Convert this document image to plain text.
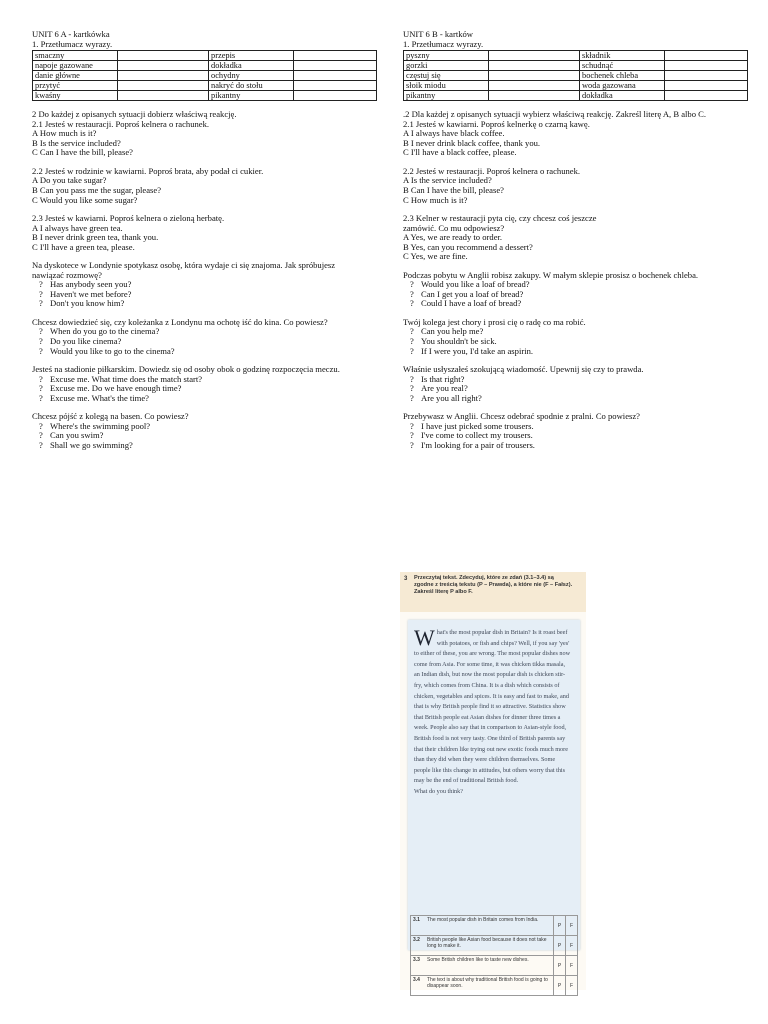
UNIT 6 A - kartkówka
1. Przetłumacz wyrazy.
smaczny		przepis	
napoje gazowane		dokładka	
danie główne		ochydny	
przytyć		nakryć do stołu	
kwaśny		pikantny	
2 Do każdej z opisanych sytuacji dobierz właściwą reakcję.
2.1 Jesteś w restauracji. Poproś kelnera o rachunek.
A How much is it?
B Is the service included?
C Can I have the bill, please?
2.2 Jesteś w rodzinie w kawiarni. Poproś brata, aby podał ci cukier.
A Do you take sugar?
B Can you pass me the sugar, please?
C Would you like some sugar?
2.3 Jesteś w kawiarni. Poproś kelnera o zieloną herbatę.
A I always have green tea.
B I never drink green tea, thank you.
C I'll have a green tea, please.
Na dyskotece w Londynie spotykasz osobę, która wydaje ci się znajoma. Jak spróbujesz
nawiązać rozmowę?
? Has anybody seen you?
? Haven't we met before?
? Don't you know him?
Chcesz dowiedzieć się, czy koleżanka z Londynu ma ochotę iść do kina. Co powiesz?
? When do you go to the cinema?
? Do you like cinema?
? Would you like to go to the cinema?
Jesteś na stadionie piłkarskim. Dowiedz się od osoby obok o godzinę rozpoczęcia meczu.
? Excuse me. What time does the match start?
? Excuse me. Do we have enough time?
? Excuse me. What's the time?
Chcesz pójść z kolegą na basen. Co powiesz?
? Where's the swimming pool?
? Can you swim?
? Shall we go swimming?
UNIT 6 B - kartków
1. Przetłumacz wyrazy.
pyszny		składnik	
gorzki		schudnąć	
częstuj się		bochenek chleba	
słoik miodu		woda gazowana	
pikantny		dokładka	
.2 Dla każdej z opisanych sytuacji wybierz właściwą reakcję. Zakreśl literę A, B albo C.
2.1 Jesteś w kawiarni. Poproś kelnerkę o czarną kawę.
A I always have black coffee.
B I never drink black coffee, thank you.
C I'll have a black coffee, please.
2.2 Jesteś w restauracji. Poproś kelnera o rachunek.
A Is the service included?
B Can I have the bill, please?
C How much is it?
2.3 Kelner w restauracji pyta cię, czy chcesz coś jeszcze
zamówić. Co mu odpowiesz?
A Yes, we are ready to order.
B Yes, can you recommend a dessert?
C Yes, we are fine.
Podczas pobytu w Anglii robisz zakupy. W małym sklepie prosisz o bochenek chleba.
? Would you like a loaf of bread?
? Can I get you a loaf of bread?
? Could I have a loaf of bread?
Twój kolega jest chory i prosi cię o radę co ma robić.
? Can you help me?
? You shouldn't be sick.
? If I were you, I'd take an aspirin.
Właśnie usłyszałeś szokującą wiadomość. Upewnij się czy to prawda.
? Is that right?
? Are you real?
? Are you all right?
Przebywasz w Anglii. Chcesz odebrać spodnie z pralni. Co powiesz?
? I have just picked some trousers.
? I've come to collect my trousers.
? I'm looking for a pair of trousers.
3 Przeczytaj tekst. Zdecyduj, które ze zdań (3.1–3.4) są zgodne z treścią tekstu (P – Prawda), a które nie (F – Fałsz). Zakreśl literę P albo F.
What's the most popular dish in Britain? Is it roast beef with potatoes, or fish and chips? Well, if you say 'yes' to either of these, you are wrong. The most popular dishes now come from Asia. For some time, it was chicken tikka masala, an Indian dish, but now the most popular dish is chicken stir-fry, which comes from China. It is a dish which consists of chicken, vegetables and spices. It is easy and fast to make, and that is why British people find it so attractive. Statistics show that British people eat Asian dishes for dinner three times a week. People also say that in comparison to Asian-style food, British food is not very tasty. One third of British parents say that their children like trying out new exotic foods much more than they did when they were children themselves. Some people like this change in attitudes, but others worry that this may be the end of traditional British food.
What do you think?
3.1	The most popular dish in Britain comes from India.	P	F
3.2	British people like Asian food because it does not take long to make it.	P	F
3.3	Some British children like to taste new dishes.	P	F
3.4	The text is about why traditional British food is going to disappear soon.	P	F
